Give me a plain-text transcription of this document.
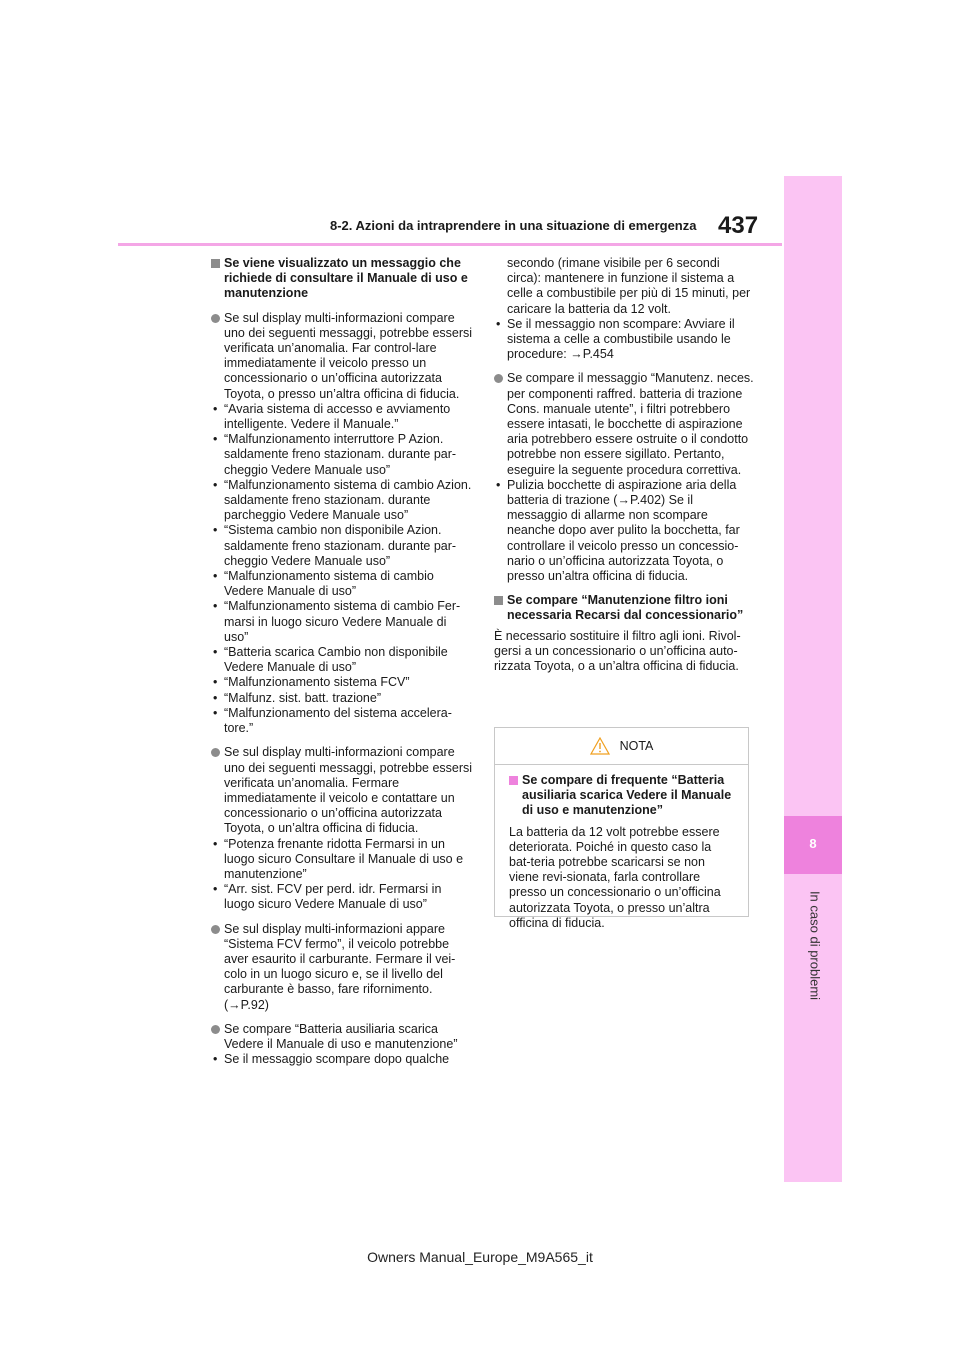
437
8-2. Azioni da intraprendere in una situazione di emergenza
8
In caso di problemi
Se viene visualizzato un messaggio che richiede di consultare il Manuale di uso e manutenzione
Se sul display multi-informazioni compare uno dei seguenti messaggi, potrebbe essersi verificata un’anomalia. Far control-lare immediatamente il veicolo presso un concessionario o un’officina autorizzata Toyota, o presso un’altra officina di fiducia.
• “Avaria sistema di accesso e avviamento intelligente. Vedere il Manuale.”
• “Malfunzionamento interruttore P Azion. saldamente freno stazionam. durante par-cheggio Vedere Manuale uso”
• “Malfunzionamento sistema di cambio Azion. saldamente freno stazionam. durante parcheggio Vedere Manuale uso”
• “Sistema cambio non disponibile Azion. saldamente freno stazionam. durante par-cheggio Vedere Manuale uso”
• “Malfunzionamento sistema di cambio Vedere Manuale di uso”
• “Malfunzionamento sistema di cambio Fer-marsi in luogo sicuro Vedere Manuale di uso”
• “Batteria scarica Cambio non disponibile Vedere Manuale di uso”
• “Malfunzionamento sistema FCV”
• “Malfunz. sist. batt. trazione”
• “Malfunzionamento del sistema accelera-tore.”
Se sul display multi-informazioni compare uno dei seguenti messaggi, potrebbe essersi verificata un’anomalia. Fermare immediatamente il veicolo e contattare un concessionario o un’officina autorizzata Toyota, o un’altra officina di fiducia.
• “Potenza frenante ridotta Fermarsi in un luogo sicuro Consultare il Manuale di uso e manutenzione”
• “Arr. sist. FCV per perd. idr. Fermarsi in luogo sicuro Vedere Manuale di uso”
Se sul display multi-informazioni appare “Sistema FCV fermo”, il veicolo potrebbe aver esaurito il carburante. Fermare il vei-colo in un luogo sicuro e, se il livello del carburante è basso, fare rifornimento. (→P.92)
Se compare “Batteria ausiliaria scarica Vedere il Manuale di uso e manutenzione”
• Se il messaggio scompare dopo qualche
secondo (rimane visibile per 6 secondi circa): mantenere in funzione il sistema a celle a combustibile per più di 15 minuti, per caricare la batteria da 12 volt.
• Se il messaggio non scompare: Avviare il sistema a celle a combustibile usando le procedure: →P.454
Se compare il messaggio “Manutenz. neces. per componenti raffred. batteria di trazione Cons. manuale utente”, i filtri potrebbero essere intasati, le bocchette di aspirazione aria potrebbero essere ostruite o il condotto potrebbe non essere sigillato. Pertanto, eseguire la seguente procedura correttiva.
• Pulizia bocchette di aspirazione aria della batteria di trazione (→P.402) Se il messaggio di allarme non scompare neanche dopo aver pulito la bocchetta, far controllare il veicolo presso un concessio-nario o un’officina autorizzata Toyota, o presso un’altra officina di fiducia.
Se compare “Manutenzione filtro ioni necessaria Recarsi dal concessionario”
È necessario sostituire il filtro agli ioni. Rivol-gersi a un concessionario o un’officina auto-rizzata Toyota, o a un’altra officina di fiducia.
NOTA
Se compare di frequente “Batteria ausiliaria scarica Vedere il Manuale di uso e manutenzione”
La batteria da 12 volt potrebbe essere deteriorata. Poiché in questo caso la bat-teria potrebbe scaricarsi se non viene revi-sionata, farla controllare presso un concessionario o un’officina autorizzata Toyota, o presso un’altra officina di fiducia.
Owners Manual_Europe_M9A565_it
